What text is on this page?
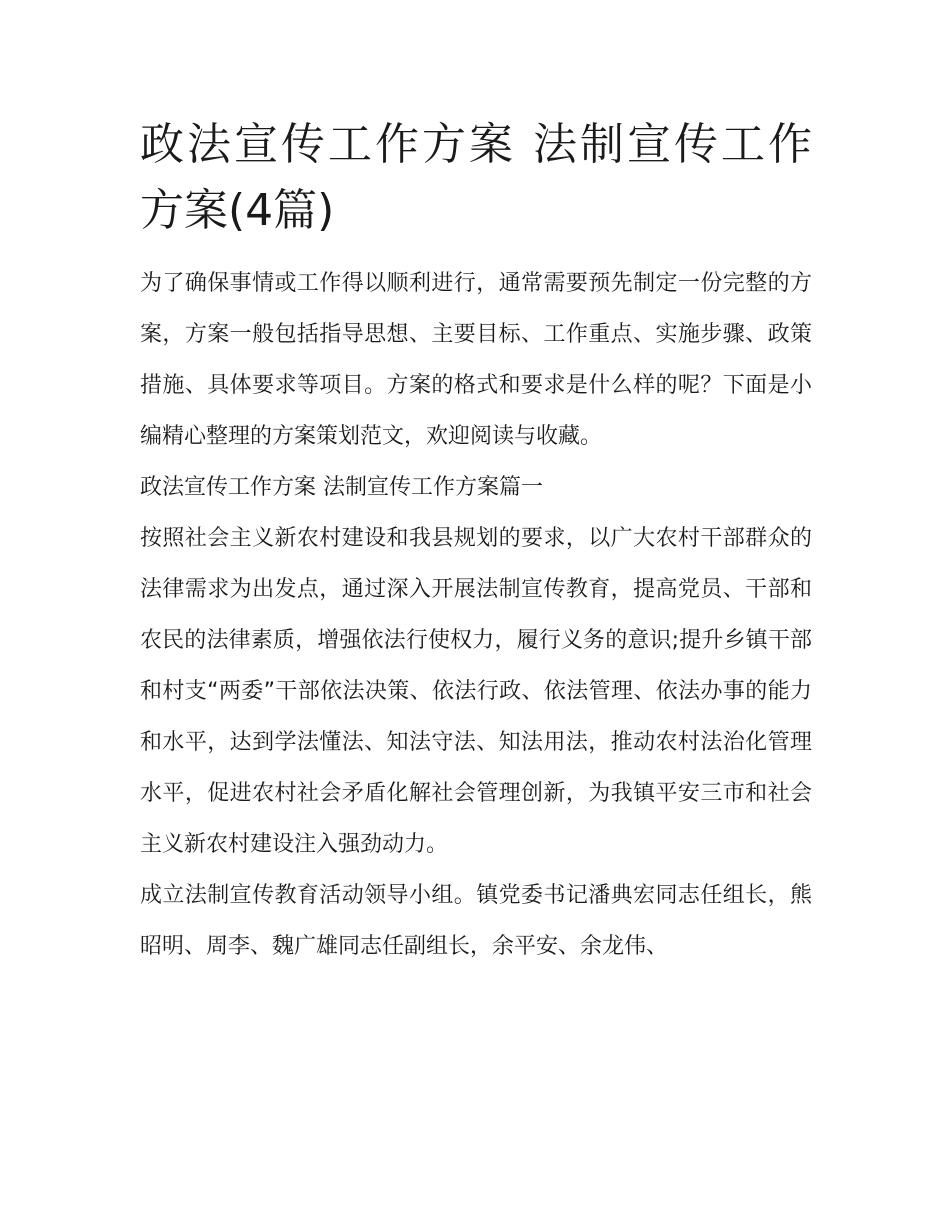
政法宣传工作方案 法制宣传工作方案(4篇)

为了确保事情或工作得以顺利进行，通常需要预先制定一份完整的方案，方案一般包括指导思想、主要目标、工作重点、实施步骤、政策措施、具体要求等项目。方案的格式和要求是什么样的呢？下面是小编精心整理的方案策划范文，欢迎阅读与收藏。

政法宣传工作方案 法制宣传工作方案篇一

按照社会主义新农村建设和我县规划的要求，以广大农村干部群众的法律需求为出发点，通过深入开展法制宣传教育，提高党员、干部和农民的法律素质，增强依法行使权力，履行义务的意识;提升乡镇干部和村支“两委”干部依法决策、依法行政、依法管理、依法办事的能力和水平，达到学法懂法、知法守法、知法用法，推动农村法治化管理水平，促进农村社会矛盾化解社会管理创新，为我镇平安三市和社会主义新农村建设注入强劲动力。

成立法制宣传教育活动领导小组。镇党委书记潘典宏同志任组长，熊昭明、周李、魏广雄同志任副组长，余平安、余龙伟、
